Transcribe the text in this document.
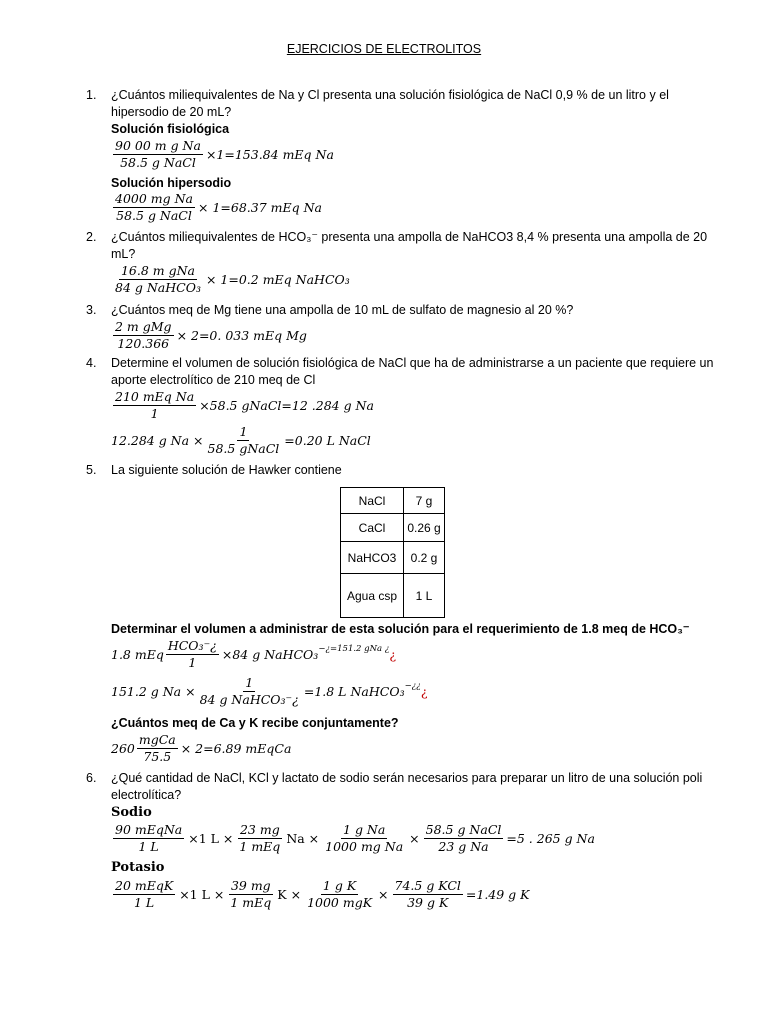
EJERCICIOS DE ELECTROLITOS
1. ¿Cuántos miliequivalentes de Na y Cl presenta una solución fisiológica de NaCl 0,9 % de un litro y el hipersodio de 20 mL?
Solución fisiológica
$\frac{\text{90 00 m g Na}}{\text{58.5 g NaCl}} \times 1=153.84$ mEq Na
Solución hipersodio
$\frac{\text{4000 mg Na}}{\text{58.5 g NaCl}} \times 1=68.37$ mEq Na
2. ¿Cuántos miliequivalentes de HCO₃⁻ presenta una ampolla de NaHCO3 8,4 % presenta una ampolla de 20 mL?
$\frac{\text{16.8 m gNa}}{\text{84 g NaHCO₃}} \times 1=0.2$ mEq NaHCO₃
3. ¿Cuántos meq de Mg tiene una ampolla de 10 mL de sulfato de magnesio al 20 %?
$\frac{\text{2 m gMg}}{120.366} \times 2=0$. 033 mEq Mg
4. Determine el volumen de solución fisiológica de NaCl que ha de administrarse a un paciente que requiere un aporte electrolítico de 210 meq de Cl
$\frac{\text{210 mEq Na}}{1} \times 58.5$ gNaCl=12 .284 g Na
12.284 g $Na \times \frac{1}{\text{58.5 gNaCl}} =0.20$ L NaCl
5. La siguiente solución de Hawker contiene
NaCl	7 g
CaCl	0.26 g
NaHCO3	0.2 g
Agua csp	1 L
Determinar el volumen a administrar de esta solución para el requerimiento de 1.8 meq de HCO₃⁻
1.8 mEq $\frac{\text{HCO₃⁻¿}}{1} \times 84$ g NaHCO₃$^{-¿=151.2 gNa ¿}$ ¿
151.2 g $Na \times \frac{1}{\text{84 g NaHCO₃⁻¿}} =1.8$ L NaHCO₃−¿¿ ¿
¿Cuántos meq de Ca y K recibe conjuntamente?
$260 \frac{\text{mgCa}}{75.5} \times 2=6.89$ mEqCa
6. ¿Qué cantidad de NaCl, KCl y lactato de sodio serán necesarios para preparar un litro de una solución poli electrolítica?
Sodio
$\frac{\text{90 mEqNa}}{1 L} \times 1$ $L \times \frac{23 mg}{\text{1 mEq}}$ $Na \times \frac{\text{1 g Na}}{\text{1000 mg Na}} \times \frac{\text{58.5 g NaCl}}{\text{23 g Na}} =5$ . 265 g Na
Potasio
$\frac{\text{20 mEqK}}{1 L} \times 1$ $L \times \frac{39 mg}{\text{1 mEq}}$ $K \times \frac{\text{1 g K}}{\text{1000 mgK}} \times \frac{\text{74.5 g KCl}}{\text{39 g K}} =1.49$ g K
